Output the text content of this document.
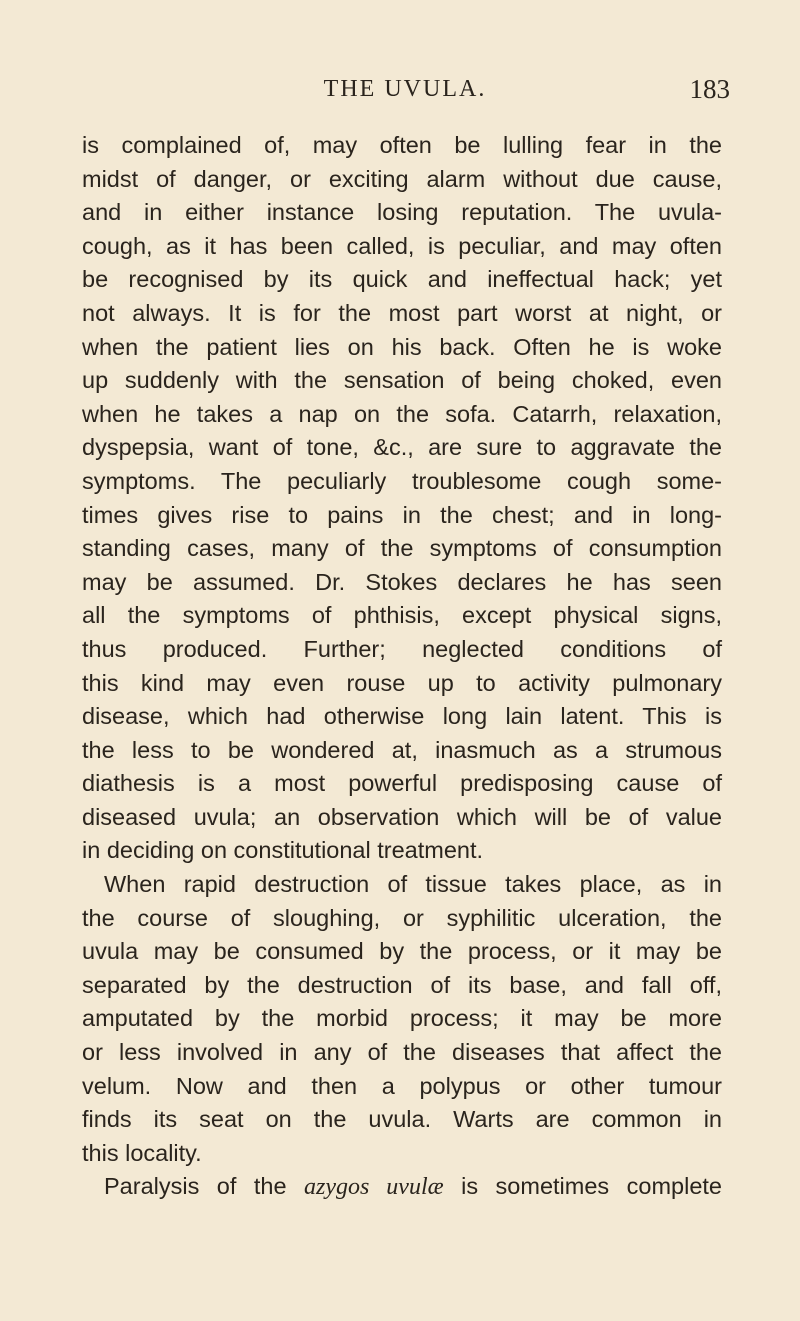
THE UVULA.	183
is complained of, may often be lulling fear in the
midst of danger, or exciting alarm without due cause,
and in either instance losing reputation. The uvula-
cough, as it has been called, is peculiar, and may often
be recognised by its quick and ineffectual hack; yet
not always. It is for the most part worst at night, or
when the patient lies on his back. Often he is woke
up suddenly with the sensation of being choked, even
when he takes a nap on the sofa. Catarrh, relaxation,
dyspepsia, want of tone, &c., are sure to aggravate the
symptoms. The peculiarly troublesome cough some-
times gives rise to pains in the chest; and in long-
standing cases, many of the symptoms of consumption
may be assumed. Dr. Stokes declares he has seen
all the symptoms of phthisis, except physical signs,
thus produced. Further; neglected conditions of
this kind may even rouse up to activity pulmonary
disease, which had otherwise long lain latent. This is
the less to be wondered at, inasmuch as a strumous
diathesis is a most powerful predisposing cause of
diseased uvula; an observation which will be of value
in deciding on constitutional treatment.
When rapid destruction of tissue takes place, as in
the course of sloughing, or syphilitic ulceration, the
uvula may be consumed by the process, or it may be
separated by the destruction of its base, and fall off,
amputated by the morbid process; it may be more
or less involved in any of the diseases that affect the
velum. Now and then a polypus or other tumour
finds its seat on the uvula. Warts are common in
this locality.
Paralysis of the azygos uvulæ is sometimes complete
